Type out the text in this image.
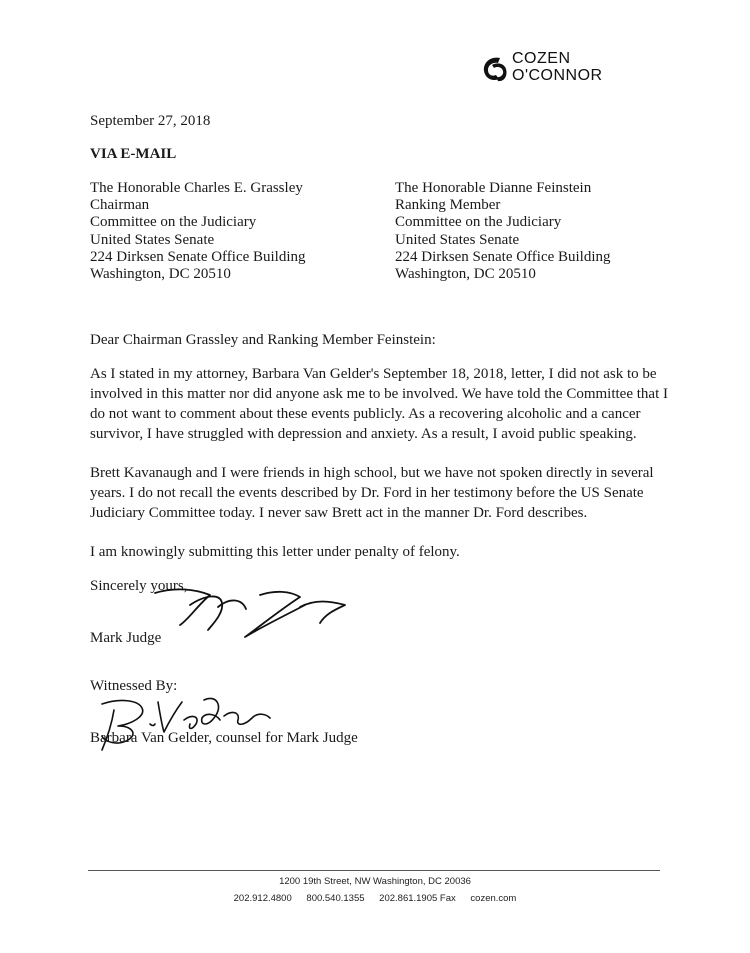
COZEN
O'CONNOR
September 27, 2018
VIA E-MAIL
The Honorable Charles E. Grassley
Chairman
Committee on the Judiciary
United States Senate
224 Dirksen Senate Office Building
Washington, DC 20510
The Honorable Dianne Feinstein
Ranking Member
Committee on the Judiciary
United States Senate
224 Dirksen Senate Office Building
Washington, DC 20510
Dear Chairman Grassley and Ranking Member Feinstein:
As I stated in my attorney, Barbara Van Gelder's September 18, 2018, letter, I did not ask to be
involved in this matter nor did anyone ask me to be involved. We have told the Committee that I
do not want to comment about these events publicly. As a recovering alcoholic and a cancer
survivor, I have struggled with depression and anxiety. As a result, I avoid public speaking.
Brett Kavanaugh and I were friends in high school, but we have not spoken directly in several
years. I do not recall the events described by Dr. Ford in her testimony before the US Senate
Judiciary Committee today. I never saw Brett act in the manner Dr. Ford describes.
I am knowingly submitting this letter under penalty of felony.
Sincerely yours,
Mark Judge
Witnessed By:
Barbara Van Gelder, counsel for Mark Judge
1200 19th Street, NW Washington, DC 20036
202.912.4800 800.540.1355 202.861.1905 Fax cozen.com
